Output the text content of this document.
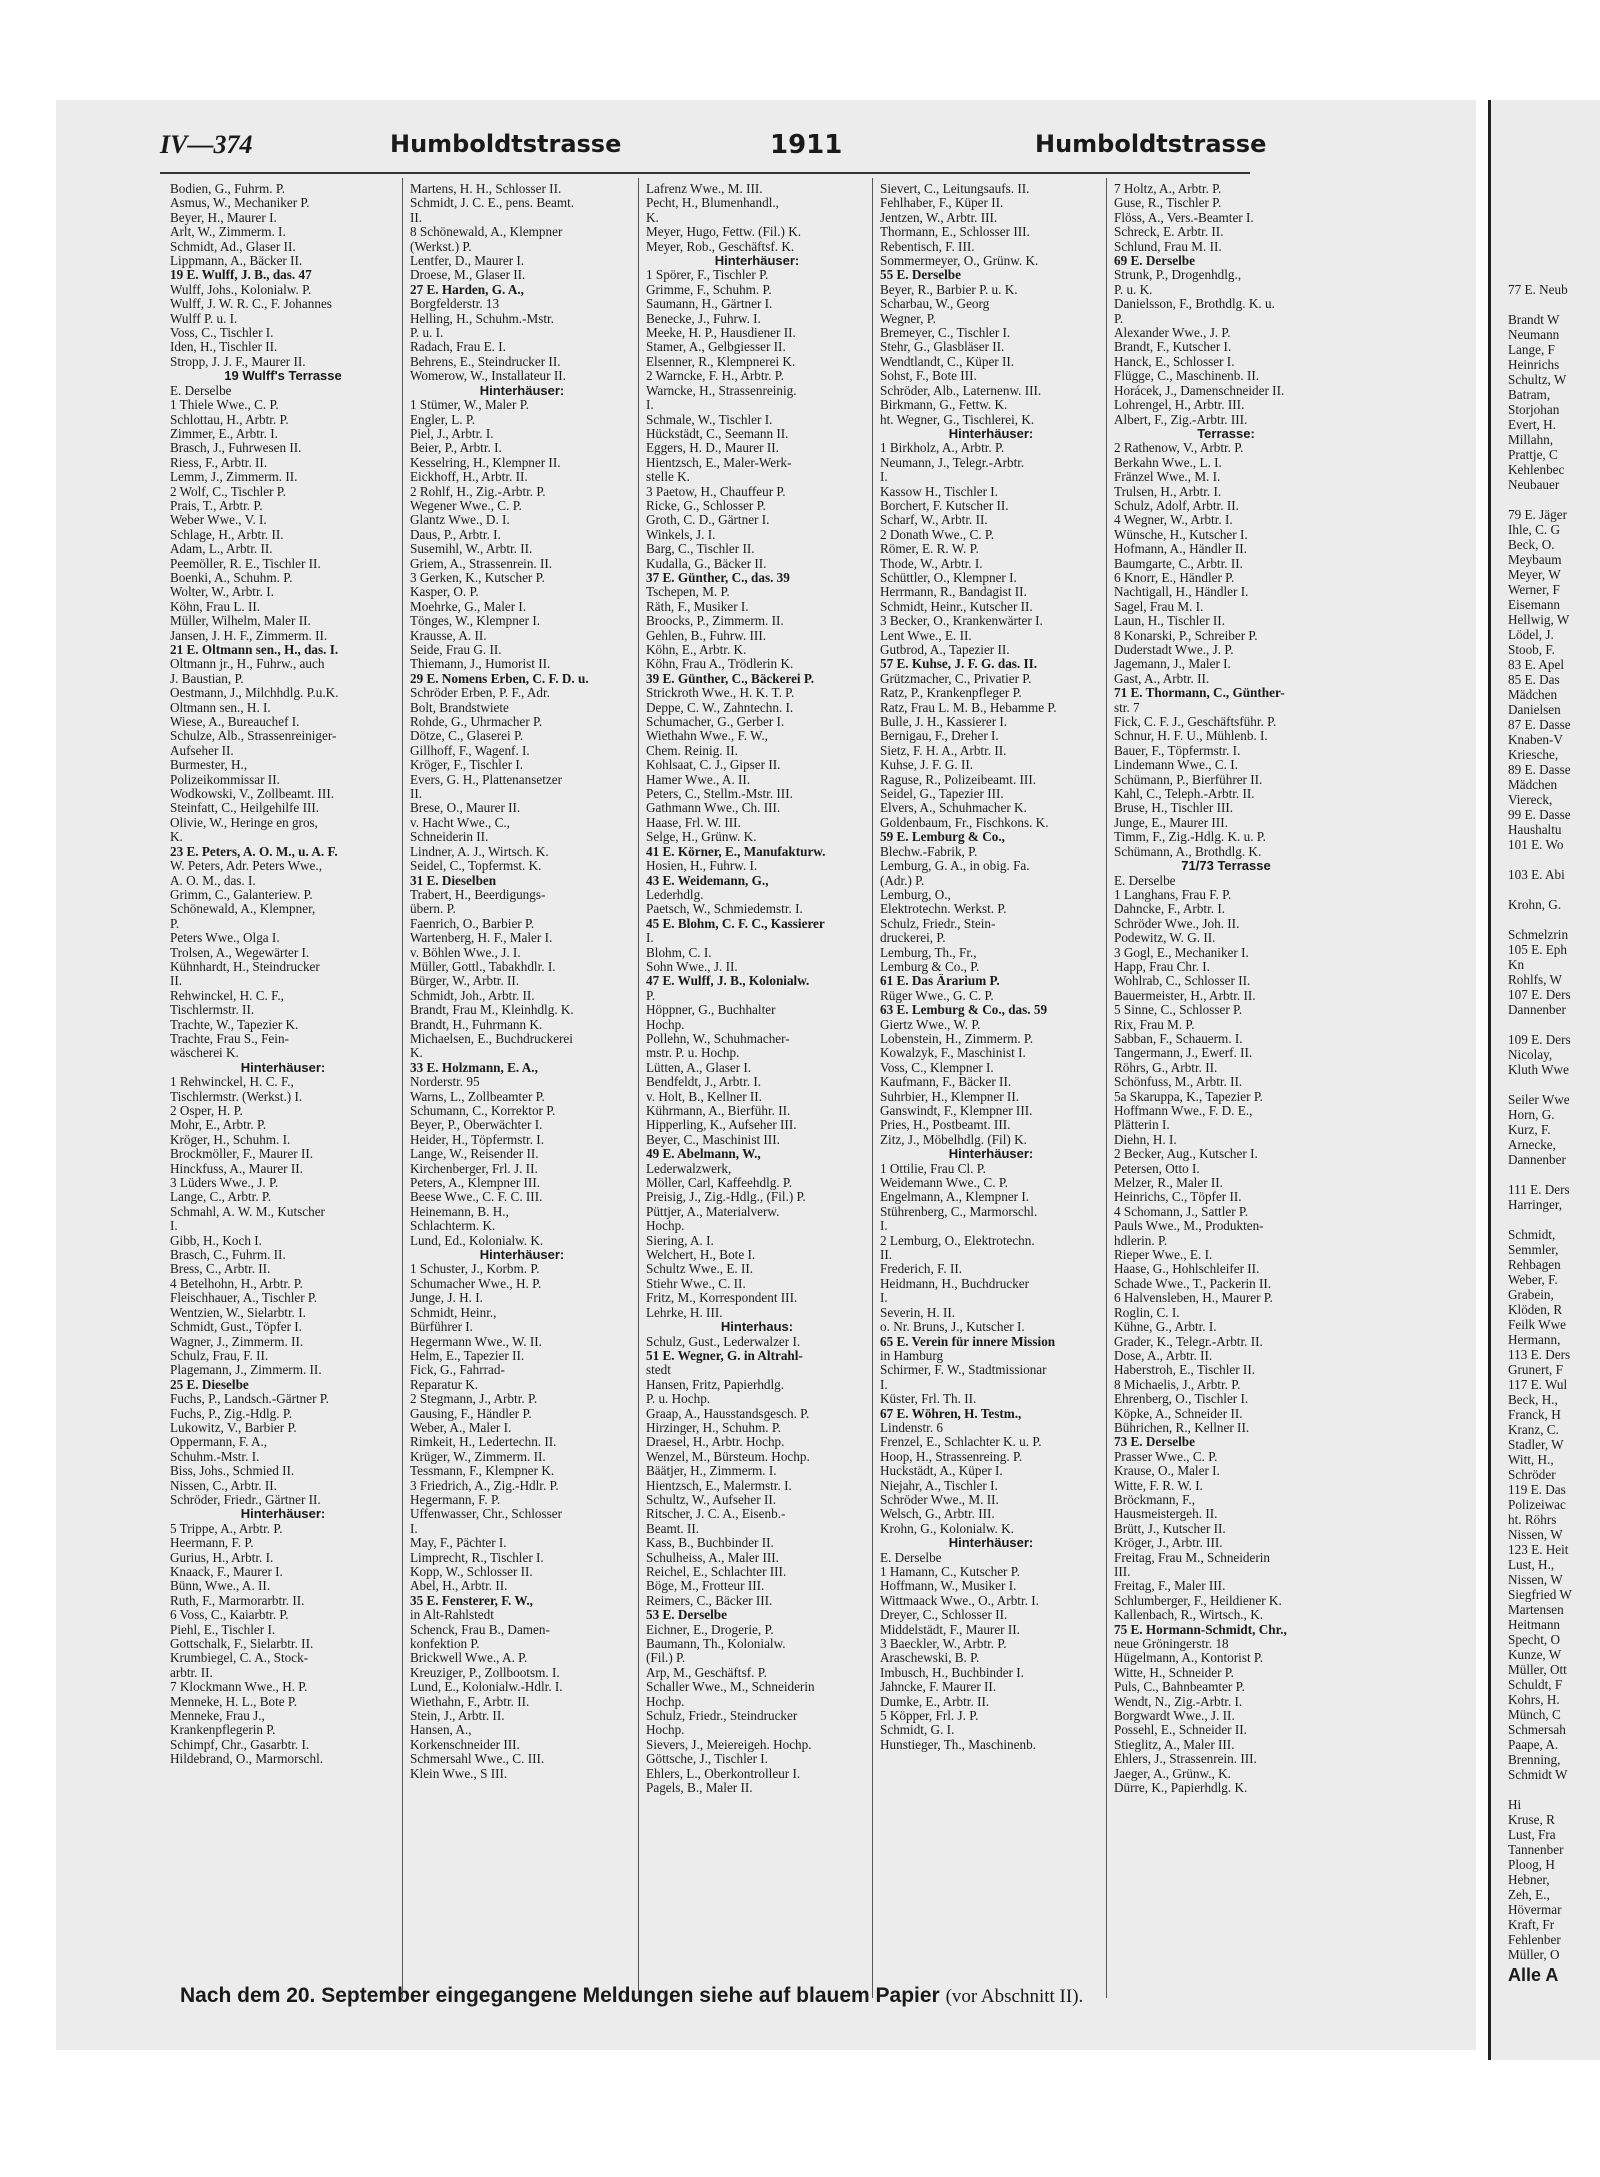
IV—374	Humboldtstrasse	1911	Humboldtstrasse
Bodien, G., Fuhrm. P.
Asmus, W., Mechaniker P.
Beyer, H., Maurer I.
Arlt, W., Zimmerm. I.
Schmidt, Ad., Glaser II.
Lippmann, A., Bäcker II.
19 E. Wulff, J. B., das. 47
Wulff, Johs., Kolonialw. P.
Wulff, J. W. R. C., F. Johannes
Wulff P. u. I.
Voss, C., Tischler I.
Iden, H., Tischler II.
Stropp, J. J. F., Maurer II.
19 Wulff's Terrasse
E. Derselbe
1 Thiele Wwe., C. P.
Schlottau, H., Arbtr. P.
Zimmer, E., Arbtr. I.
Brasch, J., Fuhrwesen II.
Riess, F., Arbtr. II.
Lemm, J., Zimmerm. II.
2 Wolf, C., Tischler P.
Prais, T., Arbtr. P.
Weber Wwe., V. I.
Schlage, H., Arbtr. II.
Adam, L., Arbtr. II.
Peemöller, R. E., Tischler II.
Boenki, A., Schuhm. P.
Wolter, W., Arbtr. I.
Köhn, Frau L. II.
Müller, Wilhelm, Maler II.
Jansen, J. H. F., Zimmerm. II.
21 E. Oltmann sen., H., das. I.
Oltmann jr., H., Fuhrw., auch
J. Baustian, P.
Oestmann, J., Milchhdlg. P.u.K.
Oltmann sen., H. I.
Wiese, A., Bureauchef I.
Schulze, Alb., Strassenreiniger-
Aufseher II.
Burmester, H.,
Polizeikommissar II.
Wodkowski, V., Zollbeamt. III.
Steinfatt, C., Heilgehilfe III.
Olivie, W., Heringe en gros,
K.
23 E. Peters, A. O. M., u. A. F.
W. Peters, Adr. Peters Wwe.,
A. O. M., das. I.
Grimm, C., Galanteriew. P.
Schönewald, A., Klempner,
P.
Peters Wwe., Olga I.
Trolsen, A., Wegewärter I.
Kühnhardt, H., Steindrucker
II.
Rehwinckel, H. C. F.,
Tischlermstr. II.
Trachte, W., Tapezier K.
Trachte, Frau S., Fein-
wäscherei K.
Hinterhäuser:
1 Rehwinckel, H. C. F.,
Tischlermstr. (Werkst.) I.
2 Osper, H. P.
Mohr, E., Arbtr. P.
Kröger, H., Schuhm. I.
Brockmöller, F., Maurer II.
Hinckfuss, A., Maurer II.
3 Lüders Wwe., J. P.
Lange, C., Arbtr. P.
Schmahl, A. W. M., Kutscher
I.
Gibb, H., Koch I.
Brasch, C., Fuhrm. II.
Bress, C., Arbtr. II.
4 Betelhohn, H., Arbtr. P.
Fleischhauer, A., Tischler P.
Wentzien, W., Sielarbtr. I.
Schmidt, Gust., Töpfer I.
Wagner, J., Zimmerm. II.
Schulz, Frau, F. II.
Plagemann, J., Zimmerm. II.
25 E. Dieselbe
Fuchs, P., Landsch.-Gärtner P.
Fuchs, P., Zig.-Hdlg. P.
Lukowitz, V., Barbier P.
Oppermann, F. A.,
Schuhm.-Mstr. I.
Biss, Johs., Schmied II.
Nissen, C., Arbtr. II.
Schröder, Friedr., Gärtner II.
Hinterhäuser:
5 Trippe, A., Arbtr. P.
Heermann, F. P.
Gurius, H., Arbtr. I.
Knaack, F., Maurer I.
Bünn, Wwe., A. II.
Ruth, F., Marmorarbtr. II.
6 Voss, C., Kaiarbtr. P.
Piehl, E., Tischler I.
Gottschalk, F., Sielarbtr. II.
Krumbiegel, C. A., Stock-
arbtr. II.
7 Klockmann Wwe., H. P.
Menneke, H. L., Bote P.
Menneke, Frau J.,
Krankenpflegerin P.
Schimpf, Chr., Gasarbtr. I.
Hildebrand, O., Marmorschl.
Martens, H. H., Schlosser II.
Schmidt, J. C. E., pens. Beamt.
II.
8 Schönewald, A., Klempner
(Werkst.) P.
Lentfer, D., Maurer I.
Droese, M., Glaser II.
27 E. Harden, G. A.,
Borgfelderstr. 13
Helling, H., Schuhm.-Mstr.
P. u. I.
Radach, Frau E. I.
Behrens, E., Steindrucker II.
Womerow, W., Installateur II.
Hinterhäuser:
1 Stümer, W., Maler P.
Engler, L. P.
Piel, J., Arbtr. I.
Beier, P., Arbtr. I.
Kesselring, H., Klempner II.
Eickhoff, H., Arbtr. II.
2 Rohlf, H., Zig.-Arbtr. P.
Wegener Wwe., C. P.
Glantz Wwe., D. I.
Daus, P., Arbtr. I.
Susemihl, W., Arbtr. II.
Griem, A., Strassenrein. II.
3 Gerken, K., Kutscher P.
Kasper, O. P.
Moehrke, G., Maler I.
Tönges, W., Klempner I.
Krausse, A. II.
Seide, Frau G. II.
Thiemann, J., Humorist II.
29 E. Nomens Erben, C. F. D. u.
Schröder Erben, P. F., Adr.
Bolt, Brandstwiete
Rohde, G., Uhrmacher P.
Dötze, C., Glaserei P.
Gillhoff, F., Wagenf. I.
Kröger, F., Tischler I.
Evers, G. H., Plattenansetzer
II.
Brese, O., Maurer II.
v. Hacht Wwe., C.,
Schneiderin II.
Lindner, A. J., Wirtsch. K.
Seidel, C., Topfermst. K.
31 E. Dieselben
Trabert, H., Beerdigungs-
übern. P.
Faenrich, O., Barbier P.
Wartenberg, H. F., Maler I.
v. Böhlen Wwe., J. I.
Müller, Gottl., Tabakhdlr. I.
Bürger, W., Arbtr. II.
Schmidt, Joh., Arbtr. II.
Brandt, Frau M., Kleinhdlg. K.
Brandt, H., Fuhrmann K.
Michaelsen, E., Buchdruckerei
K.
33 E. Holzmann, E. A.,
Norderstr. 95
Warns, L., Zollbeamter P.
Schumann, C., Korrektor P.
Beyer, P., Oberwächter I.
Heider, H., Töpfermstr. I.
Lange, W., Reisender II.
Kirchenberger, Frl. J. II.
Peters, A., Klempner III.
Beese Wwe., C. F. C. III.
Heinemann, B. H.,
Schlachterm. K.
Lund, Ed., Kolonialw. K.
Hinterhäuser:
1 Schuster, J., Korbm. P.
Schumacher Wwe., H. P.
Junge, J. H. I.
Schmidt, Heinr.,
Bürführer I.
Hegermann Wwe., W. II.
Helm, E., Tapezier II.
Fick, G., Fahrrad-
Reparatur K.
2 Stegmann, J., Arbtr. P.
Gausing, F., Händler P.
Weber, A., Maler I.
Rimkeit, H., Ledertechn. II.
Krüger, W., Zimmerm. II.
Tessmann, F., Klempner K.
3 Friedrich, A., Zig.-Hdlr. P.
Hegermann, F. P.
Uffenwasser, Chr., Schlosser
I.
May, F., Pächter I.
Limprecht, R., Tischler I.
Kopp, W., Schlosser II.
Abel, H., Arbtr. II.
35 E. Fensterer, F. W.,
in Alt-Rahlstedt
Schenck, Frau B., Damen-
konfektion P.
Brickwell Wwe., A. P.
Kreuziger, P., Zollbootsm. I.
Lund, E., Kolonialw.-Hdlr. I.
Wiethahn, F., Arbtr. II.
Stein, J., Arbtr. II.
Hansen, A.,
Korkenschneider III.
Schmersahl Wwe., C. III.
Klein Wwe., S III.
Lafrenz Wwe., M. III.
Pecht, H., Blumenhandl.,
K.
Meyer, Hugo, Fettw. (Fil.) K.
Meyer, Rob., Geschäftsf. K.
Hinterhäuser:
1 Spörer, F., Tischler P.
Grimme, F., Schuhm. P.
Saumann, H., Gärtner I.
Benecke, J., Fuhrw. I.
Meeke, H. P., Hausdiener II.
Stamer, A., Gelbgiesser II.
Elsenner, R., Klempnerei K.
2 Warncke, F. H., Arbtr. P.
Warncke, H., Strassenreinig.
I.
Schmale, W., Tischler I.
Hückstädt, C., Seemann II.
Eggers, H. D., Maurer II.
Hientzsch, E., Maler-Werk-
stelle K.
3 Paetow, H., Chauffeur P.
Ricke, G., Schlosser P.
Groth, C. D., Gärtner I.
Winkels, J. I.
Barg, C., Tischler II.
Kudalla, G., Bäcker II.
37 E. Günther, C., das. 39
Tschepen, M. P.
Räth, F., Musiker I.
Broocks, P., Zimmerm. II.
Gehlen, B., Fuhrw. III.
Köhn, E., Arbtr. K.
Köhn, Frau A., Trödlerin K.
39 E. Günther, C., Bäckerei P.
Strickroth Wwe., H. K. T. P.
Deppe, C. W., Zahntechn. I.
Schumacher, G., Gerber I.
Wiethahn Wwe., F. W.,
Chem. Reinig. II.
Kohlsaat, C. J., Gipser II.
Hamer Wwe., A. II.
Peters, C., Stellm.-Mstr. III.
Gathmann Wwe., Ch. III.
Haase, Frl. W. III.
Selge, H., Grünw. K.
41 E. Körner, E., Manufakturw.
Hosien, H., Fuhrw. I.
43 E. Weidemann, G.,
Lederhdlg.
Paetsch, W., Schmiedemstr. I.
45 E. Blohm, C. F. C., Kassierer
I.
Blohm, C. I.
Sohn Wwe., J. II.
47 E. Wulff, J. B., Kolonialw.
P.
Höppner, G., Buchhalter
Hochp.
Pollehn, W., Schuhmacher-
mstr. P. u. Hochp.
Lütten, A., Glaser I.
Bendfeldt, J., Arbtr. I.
v. Holt, B., Kellner II.
Kührmann, A., Bierführ. II.
Hipperling, K., Aufseher III.
Beyer, C., Maschinist III.
49 E. Abelmann, W.,
Lederwalzwerk,
Möller, Carl, Kaffeehdlg. P.
Preisig, J., Zig.-Hdlg., (Fil.) P.
Püttjer, A., Materialverw.
Hochp.
Siering, A. I.
Welchert, H., Bote I.
Schultz Wwe., E. II.
Stiehr Wwe., C. II.
Fritz, M., Korrespondent III.
Lehrke, H. III.
Hinterhaus:
Schulz, Gust., Lederwalzer I.
51 E. Wegner, G. in Altrahl-
stedt
Hansen, Fritz, Papierhdlg.
P. u. Hochp.
Graap, A., Hausstandsgesch. P.
Hirzinger, H., Schuhm. P.
Draesel, H., Arbtr. Hochp.
Wenzel, M., Bürsteum. Hochp.
Bäätjer, H., Zimmerm. I.
Hientzsch, E., Malermstr. I.
Schultz, W., Aufseher II.
Ritscher, J. C. A., Eisenb.-
Beamt. II.
Kass, B., Buchbinder II.
Schulheiss, A., Maler III.
Reichel, E., Schlachter III.
Böge, M., Frotteur III.
Reimers, C., Bäcker III.
53 E. Derselbe
Eichner, E., Drogerie, P.
Baumann, Th., Kolonialw.
(Fil.) P.
Arp, M., Geschäftsf. P.
Schaller Wwe., M., Schneiderin
Hochp.
Schulz, Friedr., Steindrucker
Hochp.
Sievers, J., Meiereigeh. Hochp.
Göttsche, J., Tischler I.
Ehlers, L., Oberkontrolleur I.
Pagels, B., Maler II.
Sievert, C., Leitungsaufs. II.
Fehlhaber, F., Küper II.
Jentzen, W., Arbtr. III.
Thormann, E., Schlosser III.
Rebentisch, F. III.
Sommermeyer, O., Grünw. K.
55 E. Derselbe
Beyer, R., Barbier P. u. K.
Scharbau, W., Georg
Wegner, P.
Bremeyer, C., Tischler I.
Stehr, G., Glasbläser II.
Wendtlandt, C., Küper II.
Sohst, F., Bote III.
Schröder, Alb., Laternenw. III.
Birkmann, G., Fettw. K.
ht. Wegner, G., Tischlerei, K.
Hinterhäuser:
1 Birkholz, A., Arbtr. P.
Neumann, J., Telegr.-Arbtr.
I.
Kassow H., Tischler I.
Borchert, F. Kutscher II.
Scharf, W., Arbtr. II.
2 Donath Wwe., C. P.
Römer, E. R. W. P.
Thode, W., Arbtr. I.
Schüttler, O., Klempner I.
Herrmann, R., Bandagist II.
Schmidt, Heinr., Kutscher II.
3 Becker, O., Krankenwärter I.
Lent Wwe., E. II.
Gutbrod, A., Tapezier II.
57 E. Kuhse, J. F. G. das. II.
Grützmacher, C., Privatier P.
Ratz, P., Krankenpfleger P.
Ratz, Frau L. M. B., Hebamme P.
Bulle, J. H., Kassierer I.
Bernigau, F., Dreher I.
Sietz, F. H. A., Arbtr. II.
Kuhse, J. F. G. II.
Raguse, R., Polizeibeamt. III.
Seidel, G., Tapezier III.
Elvers, A., Schuhmacher K.
Goldenbaum, Fr., Fischkons. K.
59 E. Lemburg & Co.,
Blechw.-Fabrik, P.
Lemburg, G. A., in obig. Fa.
(Adr.) P.
Lemburg, O.,
Elektrotechn. Werkst. P.
Schulz, Friedr., Stein-
druckerei, P.
Lemburg, Th., Fr.,
Lemburg & Co., P.
61 E. Das Ärarium P.
Rüger Wwe., G. C. P.
63 E. Lemburg & Co., das. 59
Giertz Wwe., W. P.
Lobenstein, H., Zimmerm. P.
Kowalzyk, F., Maschinist I.
Voss, C., Klempner I.
Kaufmann, F., Bäcker II.
Suhrbier, H., Klempner II.
Ganswindt, F., Klempner III.
Pries, H., Postbeamt. III.
Zitz, J., Möbelhdlg. (Fil) K.
Hinterhäuser:
1 Ottilie, Frau Cl. P.
Weidemann Wwe., C. P.
Engelmann, A., Klempner I.
Stührenberg, C., Marmorschl.
I.
2 Lemburg, O., Elektrotechn.
II.
Frederich, F. II.
Heidmann, H., Buchdrucker
I.
Severin, H. II.
o. Nr. Bruns, J., Kutscher I.
65 E. Verein für innere Mission
in Hamburg
Schirmer, F. W., Stadtmissionar
I.
Küster, Frl. Th. II.
67 E. Wöhren, H. Testm.,
Lindenstr. 6
Frenzel, E., Schlachter K. u. P.
Hoop, H., Strassenreing. P.
Huckstädt, A., Küper I.
Niejahr, A., Tischler I.
Schröder Wwe., M. II.
Welsch, G., Arbtr. III.
Krohn, G., Kolonialw. K.
Hinterhäuser:
E. Derselbe
1 Hamann, C., Kutscher P.
Hoffmann, W., Musiker I.
Wittmaack Wwe., O., Arbtr. I.
Dreyer, C., Schlosser II.
Middelstädt, F., Maurer II.
3 Baeckler, W., Arbtr. P.
Araschewski, B. P.
Imbusch, H., Buchbinder I.
Jahncke, F. Maurer II.
Dumke, E., Arbtr. II.
5 Köpper, Frl. J. P.
Schmidt, G. I.
Hunstieger, Th., Maschinenb.
7 Holtz, A., Arbtr. P.
Guse, R., Tischler P.
Flöss, A., Vers.-Beamter I.
Schreck, E. Arbtr. II.
Schlund, Frau M. II.
69 E. Derselbe
Strunk, P., Drogenhdlg.,
P. u. K.
Danielsson, F., Brothdlg. K. u.
P.
Alexander Wwe., J. P.
Brandt, F., Kutscher I.
Hanck, E., Schlosser I.
Flügge, C., Maschinenb. II.
Horácek, J., Damenschneider II.
Lohrengel, H., Arbtr. III.
Albert, F., Zig.-Arbtr. III.
Terrasse:
2 Rathenow, V., Arbtr. P.
Berkahn Wwe., L. I.
Fränzel Wwe., M. I.
Trulsen, H., Arbtr. I.
Schulz, Adolf, Arbtr. II.
4 Wegner, W., Arbtr. I.
Wünsche, H., Kutscher I.
Hofmann, A., Händler II.
Baumgarte, C., Arbtr. II.
6 Knorr, E., Händler P.
Nachtigall, H., Händler I.
Sagel, Frau M. I.
Laun, H., Tischler II.
8 Konarski, P., Schreiber P.
Duderstadt Wwe., J. P.
Jagemann, J., Maler I.
Gast, A., Arbtr. II.
71 E. Thormann, C., Günther-
str. 7
Fick, C. F. J., Geschäftsführ. P.
Schnur, H. F. U., Mühlenb. I.
Bauer, F., Töpfermstr. I.
Lindemann Wwe., C. I.
Schümann, P., Bierführer II.
Kahl, C., Teleph.-Arbtr. II.
Bruse, H., Tischler III.
Junge, E., Maurer III.
Timm, F., Zig.-Hdlg. K. u. P.
Schümann, A., Brothdlg. K.
71/73 Terrasse
E. Derselbe
1 Langhans, Frau F. P.
Dahncke, F., Arbtr. I.
Schröder Wwe., Joh. II.
Podewitz, W. G. II.
3 Gogl, E., Mechaniker I.
Happ, Frau Chr. I.
Wohlrab, C., Schlosser II.
Bauermeister, H., Arbtr. II.
5 Sinne, C., Schlosser P.
Rix, Frau M. P.
Sabban, F., Schauerm. I.
Tangermann, J., Ewerf. II.
Röhrs, G., Arbtr. II.
Schönfuss, M., Arbtr. II.
5a Skaruppa, K., Tapezier P.
Hoffmann Wwe., F. D. E.,
Plätterin I.
Diehn, H. I.
2 Becker, Aug., Kutscher I.
Petersen, Otto I.
Melzer, R., Maler II.
Heinrichs, C., Töpfer II.
4 Schomann, J., Sattler P.
Pauls Wwe., M., Produkten-
hdlerin. P.
Rieper Wwe., E. I.
Haase, G., Hohlschleifer II.
Schade Wwe., T., Packerin II.
6 Halvensleben, H., Maurer P.
Roglin, C. I.
Kühne, G., Arbtr. I.
Grader, K., Telegr.-Arbtr. II.
Dose, A., Arbtr. II.
Haberstroh, E., Tischler II.
8 Michaelis, J., Arbtr. P.
Ehrenberg, O., Tischler I.
Köpke, A., Schneider II.
Bührichen, R., Kellner II.
73 E. Derselbe
Prasser Wwe., C. P.
Krause, O., Maler I.
Witte, F. R. W. I.
Bröckmann, F.,
Hausmeistergeh. II.
Brütt, J., Kutscher II.
Kröger, J., Arbtr. III.
Freitag, Frau M., Schneiderin
III.
Freitag, F., Maler III.
Schlumberger, F., Heildiener K.
Kallenbach, R., Wirtsch., K.
75 E. Hormann-Schmidt, Chr.,
neue Gröningerstr. 18
Hügelmann, A., Kontorist P.
Witte, H., Schneider P.
Puls, C., Bahnbeamter P.
Wendt, N., Zig.-Arbtr. I.
Borgwardt Wwe., J. II.
Possehl, E., Schneider II.
Stieglitz, A., Maler III.
Ehlers, J., Strassenrein. III.
Jaeger, A., Grünw., K.
Dürre, K., Papierhdlg. K.
Nach dem 20. September eingegangene Meldungen siehe auf blauem Papier (vor Abschnitt II).
77 E. Neub

Brandt W
Neumann
Lange, F
Heinrichs
Schultz, W
Batram,
Storjohan
Evert, H.
Millahn,
Prattje, C
Kehlenbec
Neubauer

79 E. Jäger
Ihle, C. G
Beck, O.
Meybaum
Meyer, W
Werner, F
Eisemann
Hellwig, W
Lödel, J.
Stoob, F.
83 E. Apel
85 E. Das
Mädchen
Danielsen
87 E. Dasse
Knaben-V
Kriesche,
89 E. Dasse
Mädchen
Viereck,
99 E. Dasse
Haushaltu
101 E. Wo

103 E. Abi

Krohn, G.

Schmelzrin
105 E. Eph
Kn
Rohlfs, W
107 E. Ders
Dannenber

109 E. Ders
Nicolay,
Kluth Wwe

Seiler Wwe
Horn, G.
Kurz, F.
Arnecke,
Dannenber

111 E. Ders
Harringer,

Schmidt,
Semmler,
Rehbagen
Weber, F.
Grabein,
Klöden, R
Feilk Wwe
Hermann,
113 E. Ders
Grunert, F
117 E. Wul
Beck, H.,
Franck, H
Kranz, C.
Stadler, W
Witt, H.,
Schröder
119 E. Das
Polizeiwac
ht. Röhrs
Nissen, W
123 E. Heit
Lust, H.,
Nissen, W
Siegfried W
Martensen
Heitmann
Specht, O
Kunze, W
Müller, Ott
Schuldt, F
Kohrs, H.
Münch, C
Schmersah
Paape, A.
Brenning,
Schmidt W

Hi
Kruse, R
Lust, Fra
Tannenber
Ploog, H
Hebner,
Zeh, E.,
Hövermar
Kraft, Fr
Fehlenber
Müller, O
Alle A
